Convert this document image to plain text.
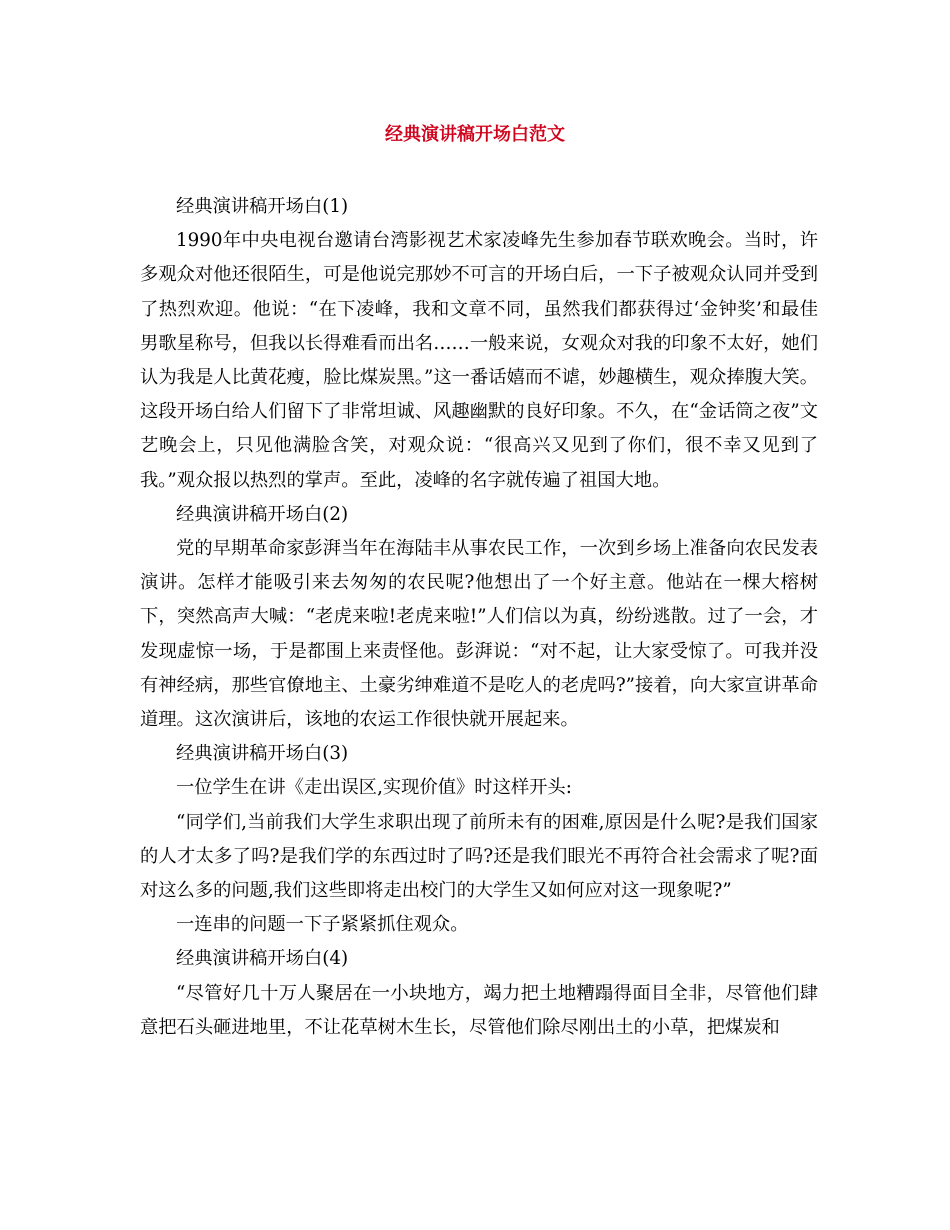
经典演讲稿开场白范文

经典演讲稿开场白(1)

1990年中央电视台邀请台湾影视艺术家凌峰先生参加春节联欢晚会。当时，许多观众对他还很陌生，可是他说完那妙不可言的开场白后，一下子被观众认同并受到了热烈欢迎。他说：“在下凌峰，我和文章不同，虽然我们都获得过‘金钟奖’和最佳男歌星称号，但我以长得难看而出名……一般来说，女观众对我的印象不太好，她们认为我是人比黄花瘦，脸比煤炭黑。”这一番话嬉而不谑，妙趣横生，观众捧腹大笑。这段开场白给人们留下了非常坦诚、风趣幽默的良好印象。不久，在“金话筒之夜”文艺晚会上，只见他满脸含笑，对观众说：“很高兴又见到了你们，很不幸又见到了我。”观众报以热烈的掌声。至此，凌峰的名字就传遍了祖国大地。

经典演讲稿开场白(2)

党的早期革命家彭湃当年在海陆丰从事农民工作，一次到乡场上准备向农民发表演讲。怎样才能吸引来去匆匆的农民呢?他想出了一个好主意。他站在一棵大榕树下，突然高声大喊：“老虎来啦!老虎来啦!”人们信以为真，纷纷逃散。过了一会，才发现虚惊一场，于是都围上来责怪他。彭湃说：“对不起，让大家受惊了。可我并没有神经病，那些官僚地主、土豪劣绅难道不是吃人的老虎吗?”接着，向大家宣讲革命道理。这次演讲后，该地的农运工作很快就开展起来。

经典演讲稿开场白(3)

一位学生在讲《走出误区,实现价值》时这样开头:

“同学们,当前我们大学生求职出现了前所未有的困难,原因是什么呢?是我们国家的人才太多了吗?是我们学的东西过时了吗?还是我们眼光不再符合社会需求了呢?面对这么多的问题,我们这些即将走出校门的大学生又如何应对这一现象呢?”

一连串的问题一下子紧紧抓住观众。

经典演讲稿开场白(4)

“尽管好几十万人聚居在一小块地方，竭力把土地糟蹋得面目全非，尽管他们肆意把石头砸进地里，不让花草树木生长，尽管他们除尽刚出土的小草，把煤炭和
